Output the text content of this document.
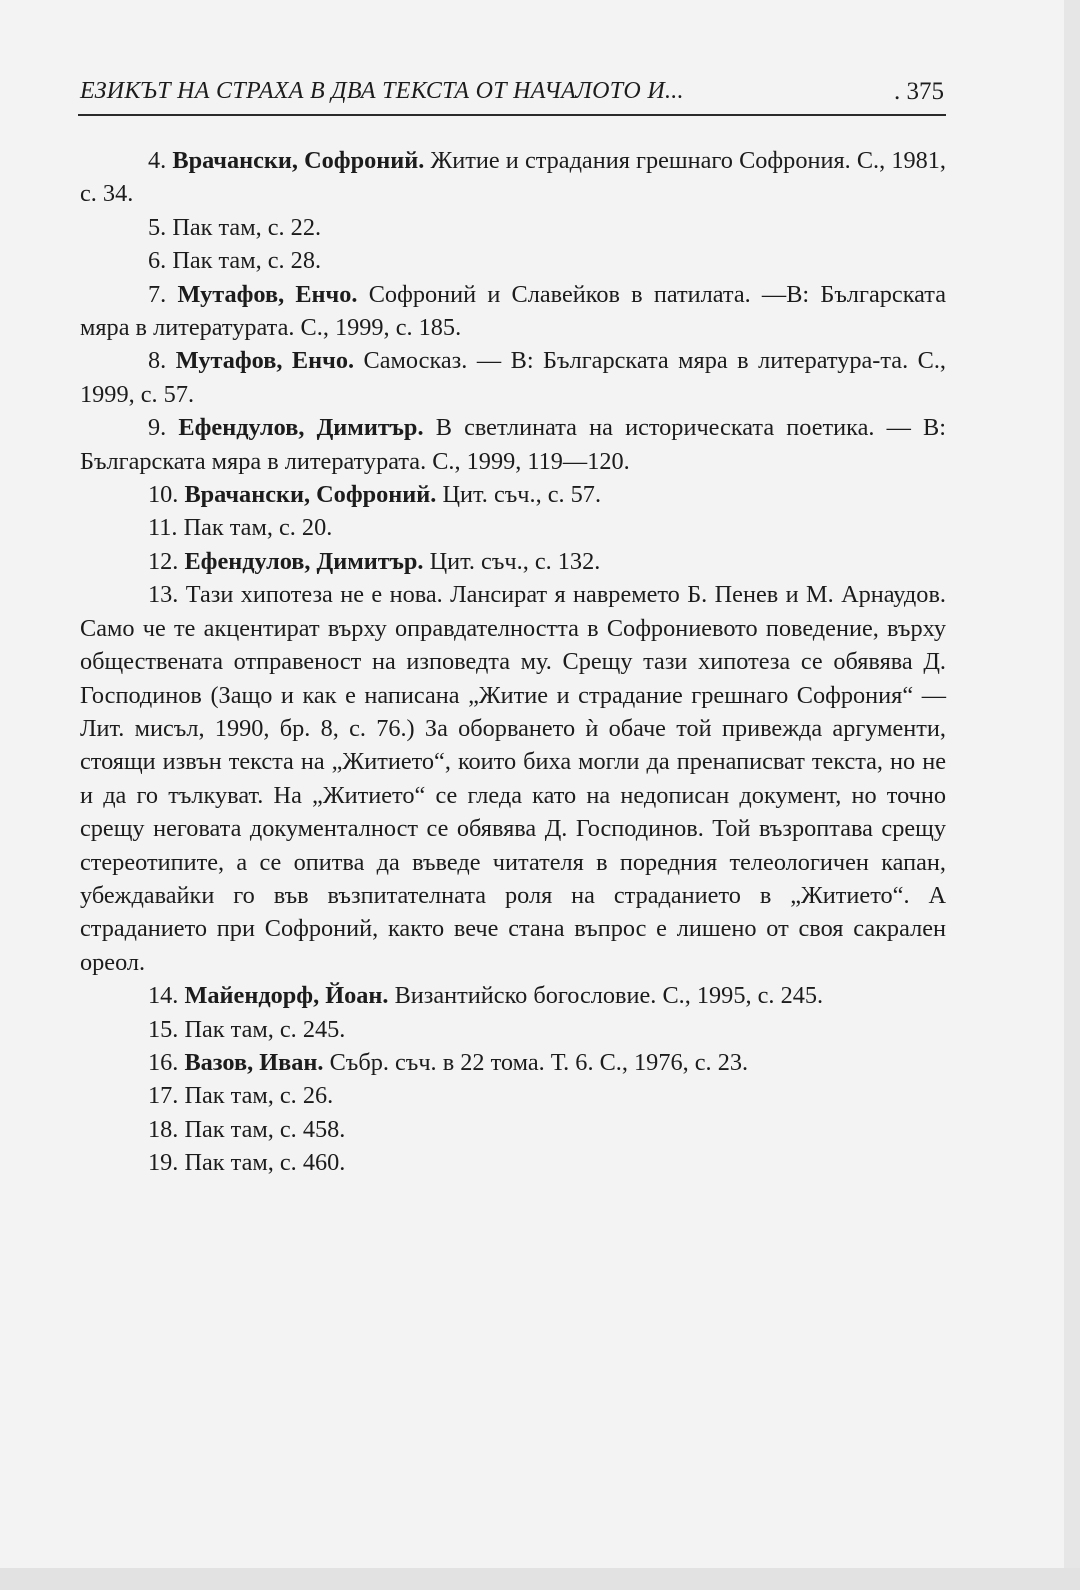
ЕЗИКЪТ НА СТРАХА В ДВА ТЕКСТА ОТ НАЧАЛОТО И...	. 375

4. Врачански, Софроний. Житие и страдания грешнаго Софрония. С., 1981, с. 34.

5. Пак там, с. 22.

6. Пак там, с. 28.

7. Мутафов, Енчо. Софроний и Славейков в патилата. —В: Българската мяра в литературата. С., 1999, с. 185.

8. Мутафов, Енчо. Самосказ. — В: Българската мяра в литература-та. С., 1999, с. 57.

9. Ефендулов, Димитър. В светлината на историческата поетика. — В: Българската мяра в литературата. С., 1999, 119—120.

10. Врачански, Софроний. Цит. съч., с. 57.

11. Пак там, с. 20.

12. Ефендулов, Димитър. Цит. съч., с. 132.

13. Тази хипотеза не е нова. Лансират я навремето Б. Пенев и М. Арнаудов. Само че те акцентират върху оправдателността в Софрониевото поведение, върху обществената отправеност на изповедта му. Срещу тази хипотеза се обявява Д. Господинов (Защо и как е написана „Житие и страдание грешнаго Софрония“ — Лит. мисъл, 1990, бр. 8, с. 76.) За оборването ѝ обаче той привежда аргументи, стоящи извън текста на „Житието“, които биха могли да пренаписват текста, но не и да го тълкуват. На „Житието“ се гледа като на недописан документ, но точно срещу неговата документалност се обявява Д. Господинов. Той възроптава срещу стереотипите, а се опитва да въведе читателя в поредния телеологичен капан, убеждавайки го във възпитателната роля на страданието в „Житието“. А страданието при Софроний, както вече стана въпрос е лишено от своя сакрален ореол.

14. Майендорф, Йоан. Византийско богословие. С., 1995, с. 245.

15. Пак там, с. 245.

16. Вазов, Иван. Събр. съч. в 22 тома. Т. 6. С., 1976, с. 23.

17. Пак там, с. 26.

18. Пак там, с. 458.

19. Пак там, с. 460.
